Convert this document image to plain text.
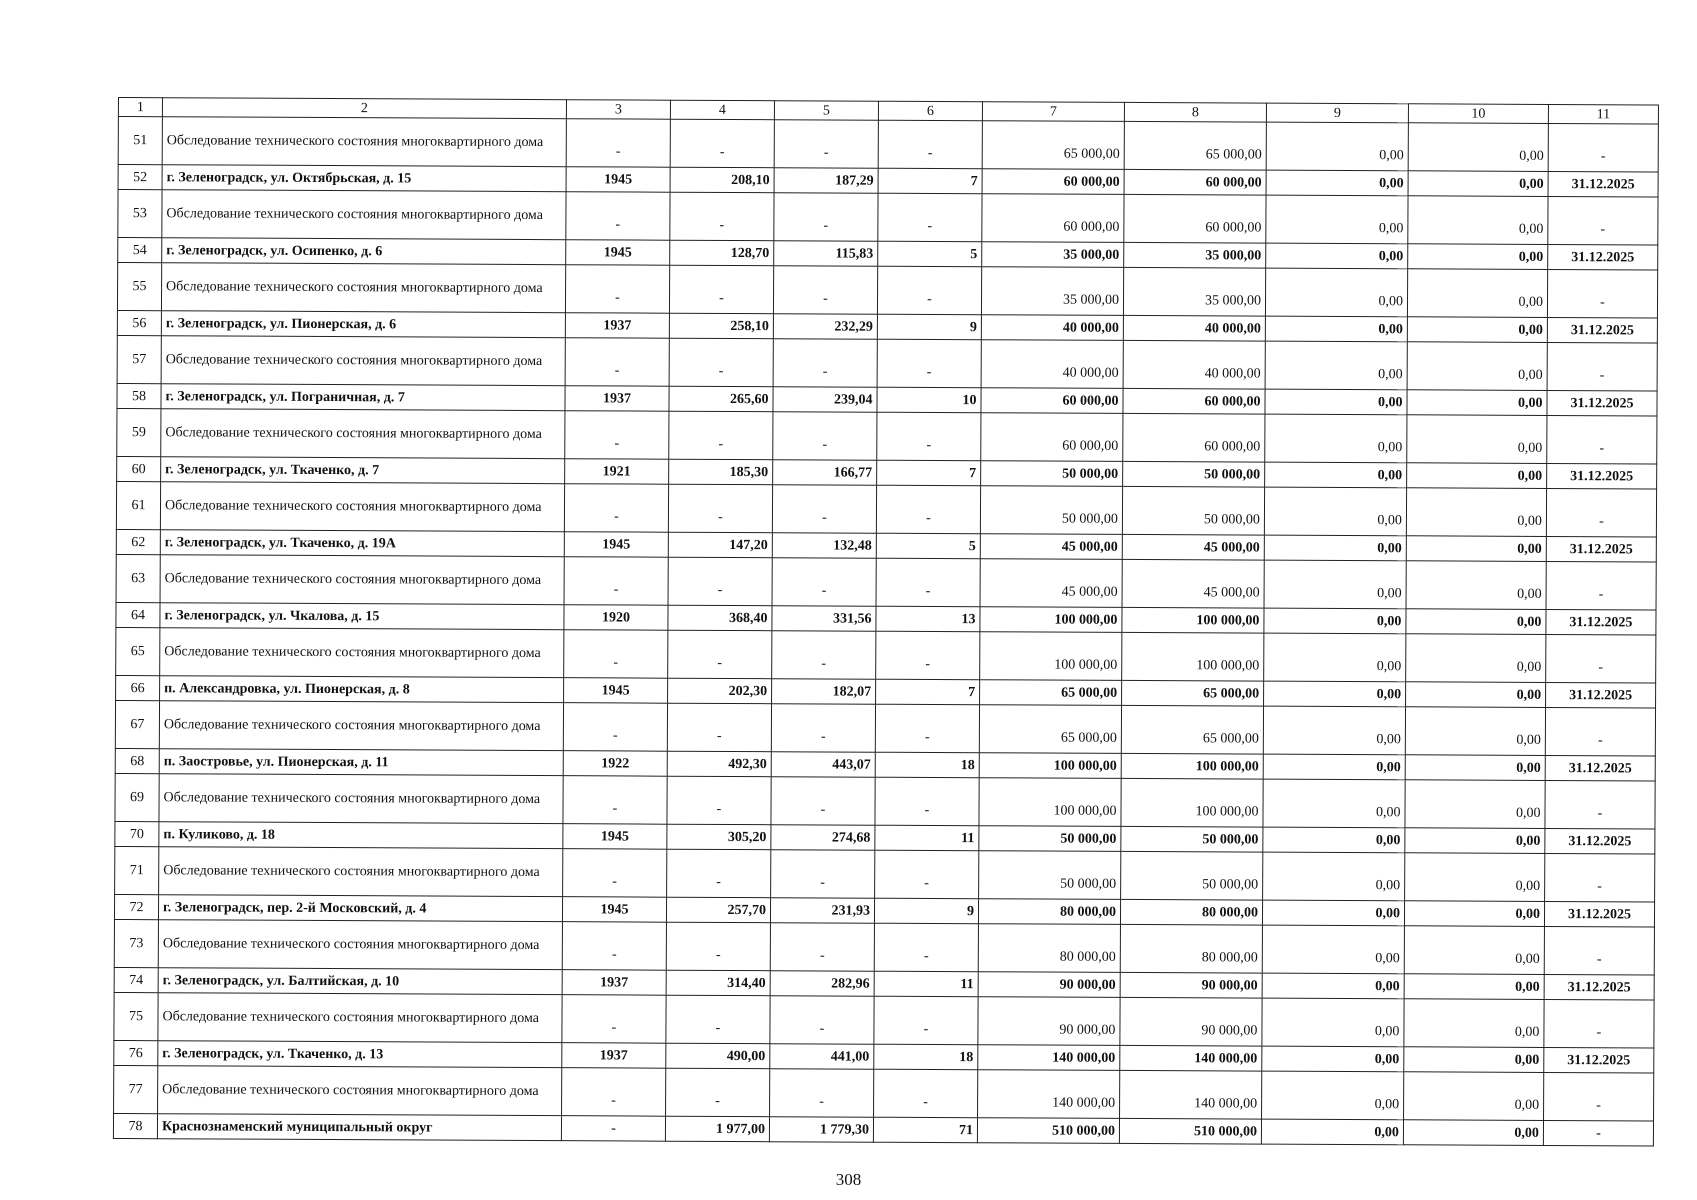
1	2	3	4	5	6	7	8	9	10	11
51	Обследование технического состояния многоквартирного дома	-	-	-	-	65 000,00	65 000,00	0,00	0,00	-
52	г. Зеленоградск, ул. Октябрьская, д. 15	1945	208,10	187,29	7	60 000,00	60 000,00	0,00	0,00	31.12.2025
53	Обследование технического состояния многоквартирного дома	-	-	-	-	60 000,00	60 000,00	0,00	0,00	-
54	г. Зеленоградск, ул. Осипенко, д. 6	1945	128,70	115,83	5	35 000,00	35 000,00	0,00	0,00	31.12.2025
55	Обследование технического состояния многоквартирного дома	-	-	-	-	35 000,00	35 000,00	0,00	0,00	-
56	г. Зеленоградск, ул. Пионерская, д. 6	1937	258,10	232,29	9	40 000,00	40 000,00	0,00	0,00	31.12.2025
57	Обследование технического состояния многоквартирного дома	-	-	-	-	40 000,00	40 000,00	0,00	0,00	-
58	г. Зеленоградск, ул. Пограничная, д. 7	1937	265,60	239,04	10	60 000,00	60 000,00	0,00	0,00	31.12.2025
59	Обследование технического состояния многоквартирного дома	-	-	-	-	60 000,00	60 000,00	0,00	0,00	-
60	г. Зеленоградск, ул. Ткаченко, д. 7	1921	185,30	166,77	7	50 000,00	50 000,00	0,00	0,00	31.12.2025
61	Обследование технического состояния многоквартирного дома	-	-	-	-	50 000,00	50 000,00	0,00	0,00	-
62	г. Зеленоградск, ул. Ткаченко, д. 19А	1945	147,20	132,48	5	45 000,00	45 000,00	0,00	0,00	31.12.2025
63	Обследование технического состояния многоквартирного дома	-	-	-	-	45 000,00	45 000,00	0,00	0,00	-
64	г. Зеленоградск, ул. Чкалова, д. 15	1920	368,40	331,56	13	100 000,00	100 000,00	0,00	0,00	31.12.2025
65	Обследование технического состояния многоквартирного дома	-	-	-	-	100 000,00	100 000,00	0,00	0,00	-
66	п. Александровка, ул. Пионерская, д. 8	1945	202,30	182,07	7	65 000,00	65 000,00	0,00	0,00	31.12.2025
67	Обследование технического состояния многоквартирного дома	-	-	-	-	65 000,00	65 000,00	0,00	0,00	-
68	п. Заостровье, ул. Пионерская, д. 11	1922	492,30	443,07	18	100 000,00	100 000,00	0,00	0,00	31.12.2025
69	Обследование технического состояния многоквартирного дома	-	-	-	-	100 000,00	100 000,00	0,00	0,00	-
70	п. Куликово, д. 18	1945	305,20	274,68	11	50 000,00	50 000,00	0,00	0,00	31.12.2025
71	Обследование технического состояния многоквартирного дома	-	-	-	-	50 000,00	50 000,00	0,00	0,00	-
72	г. Зеленоградск, пер. 2-й Московский, д. 4	1945	257,70	231,93	9	80 000,00	80 000,00	0,00	0,00	31.12.2025
73	Обследование технического состояния многоквартирного дома	-	-	-	-	80 000,00	80 000,00	0,00	0,00	-
74	г. Зеленоградск, ул. Балтийская, д. 10	1937	314,40	282,96	11	90 000,00	90 000,00	0,00	0,00	31.12.2025
75	Обследование технического состояния многоквартирного дома	-	-	-	-	90 000,00	90 000,00	0,00	0,00	-
76	г. Зеленоградск, ул. Ткаченко, д. 13	1937	490,00	441,00	18	140 000,00	140 000,00	0,00	0,00	31.12.2025
77	Обследование технического состояния многоквартирного дома	-	-	-	-	140 000,00	140 000,00	0,00	0,00	-
78	Краснознаменский муниципальный округ	-	1 977,00	1 779,30	71	510 000,00	510 000,00	0,00	0,00	-
308
